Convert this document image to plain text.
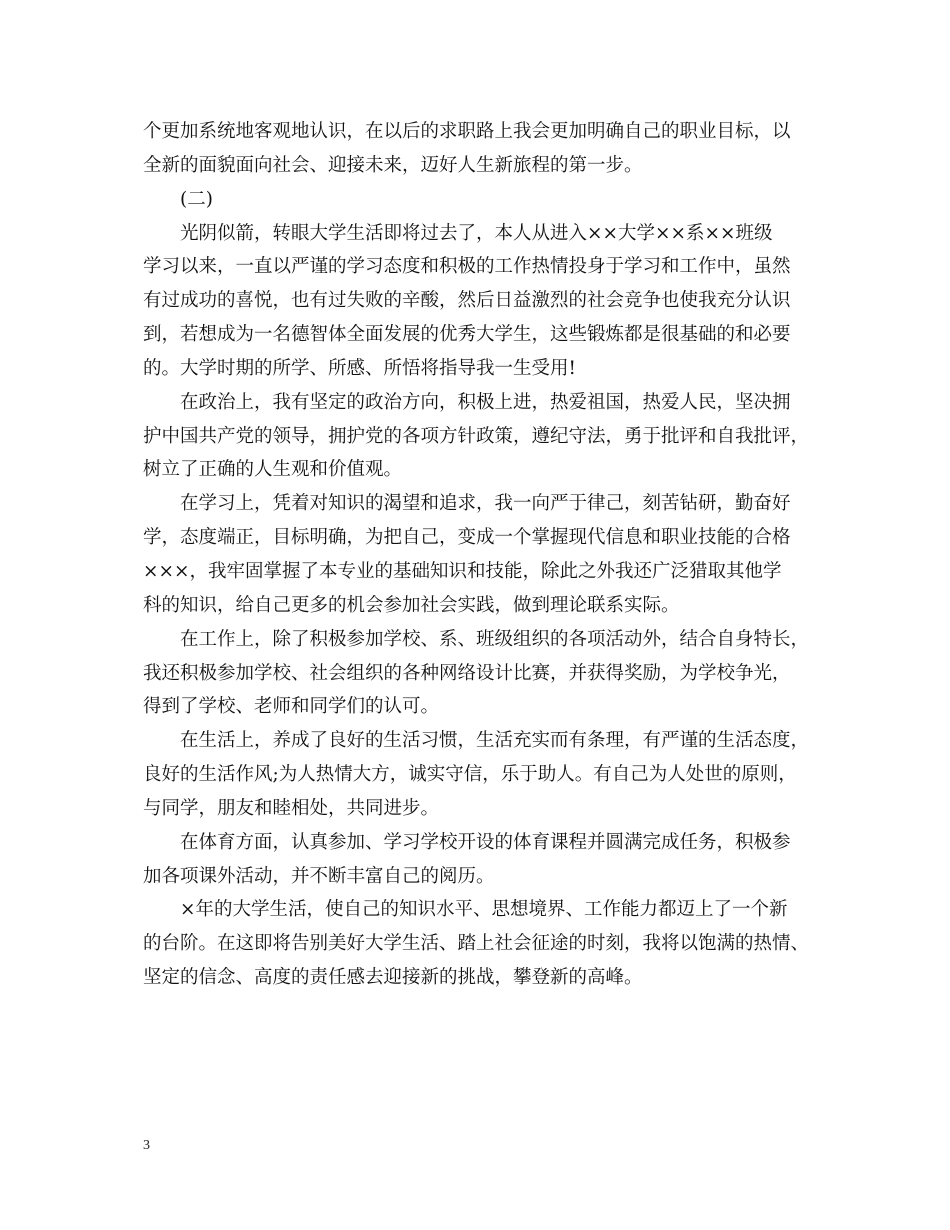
个更加系统地客观地认识，在以后的求职路上我会更加明确自己的职业目标，以
全新的面貌面向社会、迎接未来，迈好人生新旅程的第一步。
(二)
光阴似箭，转眼大学生活即将过去了，本人从进入××大学××系××班级
学习以来，一直以严谨的学习态度和积极的工作热情投身于学习和工作中，虽然
有过成功的喜悦，也有过失败的辛酸，然后日益激烈的社会竞争也使我充分认识
到，若想成为一名德智体全面发展的优秀大学生，这些锻炼都是很基础的和必要
的。大学时期的所学、所感、所悟将指导我一生受用!
在政治上，我有坚定的政治方向，积极上进，热爱祖国，热爱人民，坚决拥
护中国共产党的领导，拥护党的各项方针政策，遵纪守法，勇于批评和自我批评，
树立了正确的人生观和价值观。
在学习上，凭着对知识的渴望和追求，我一向严于律己，刻苦钻研，勤奋好
学，态度端正，目标明确，为把自己，变成一个掌握现代信息和职业技能的合格
×××，我牢固掌握了本专业的基础知识和技能，除此之外我还广泛猎取其他学
科的知识，给自己更多的机会参加社会实践，做到理论联系实际。
在工作上，除了积极参加学校、系、班级组织的各项活动外，结合自身特长，
我还积极参加学校、社会组织的各种网络设计比赛，并获得奖励，为学校争光，
得到了学校、老师和同学们的认可。
在生活上，养成了良好的生活习惯，生活充实而有条理，有严谨的生活态度，
良好的生活作风;为人热情大方，诚实守信，乐于助人。有自己为人处世的原则，
与同学，朋友和睦相处，共同进步。
在体育方面，认真参加、学习学校开设的体育课程并圆满完成任务，积极参
加各项课外活动，并不断丰富自己的阅历。
×年的大学生活，使自己的知识水平、思想境界、工作能力都迈上了一个新
的台阶。在这即将告别美好大学生活、踏上社会征途的时刻，我将以饱满的热情、
坚定的信念、高度的责任感去迎接新的挑战，攀登新的高峰。
3
